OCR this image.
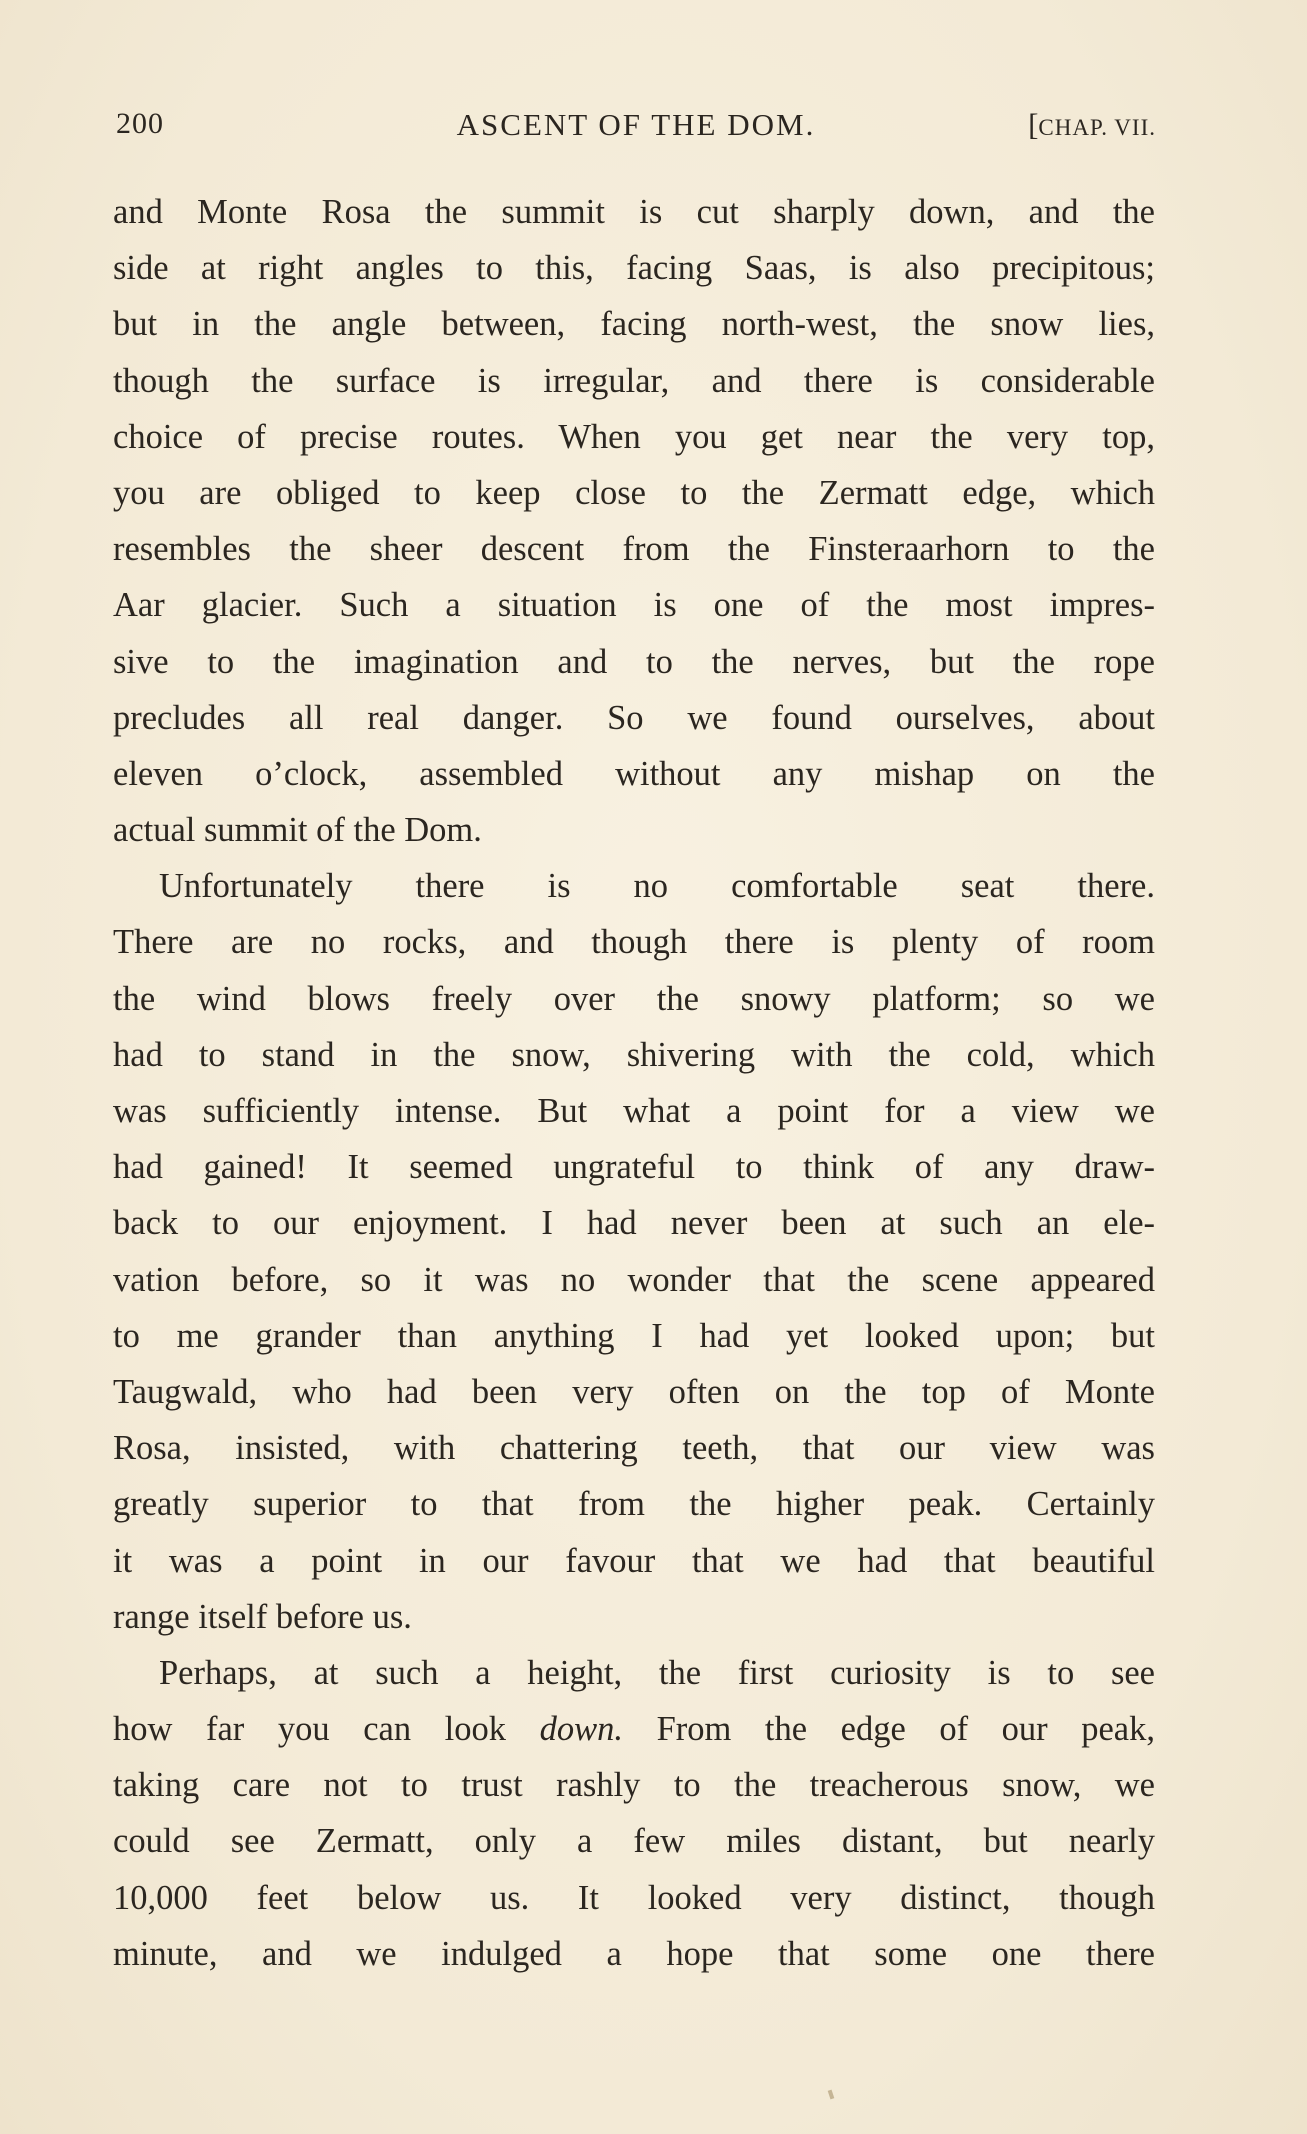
200	ASCENT OF THE DOM.	[CHAP. VII.
and Monte Rosa the summit is cut sharply down, and the
side at right angles to this, facing Saas, is also precipitous;
but in the angle between, facing north-west, the snow lies,
though the surface is irregular, and there is considerable
choice of precise routes. When you get near the very top,
you are obliged to keep close to the Zermatt edge, which
resembles the sheer descent from the Finsteraarhorn to the
Aar glacier. Such a situation is one of the most impres-
sive to the imagination and to the nerves, but the rope
precludes all real danger. So we found ourselves, about
eleven o’clock, assembled without any mishap on the
actual summit of the Dom.
Unfortunately there is no comfortable seat there.
There are no rocks, and though there is plenty of room
the wind blows freely over the snowy platform; so we
had to stand in the snow, shivering with the cold, which
was sufficiently intense. But what a point for a view we
had gained! It seemed ungrateful to think of any draw-
back to our enjoyment. I had never been at such an ele-
vation before, so it was no wonder that the scene appeared
to me grander than anything I had yet looked upon; but
Taugwald, who had been very often on the top of Monte
Rosa, insisted, with chattering teeth, that our view was
greatly superior to that from the higher peak. Certainly
it was a point in our favour that we had that beautiful
range itself before us.
Perhaps, at such a height, the first curiosity is to see
how far you can look down. From the edge of our peak,
taking care not to trust rashly to the treacherous snow, we
could see Zermatt, only a few miles distant, but nearly
10,000 feet below us. It looked very distinct, though
minute, and we indulged a hope that some one there
